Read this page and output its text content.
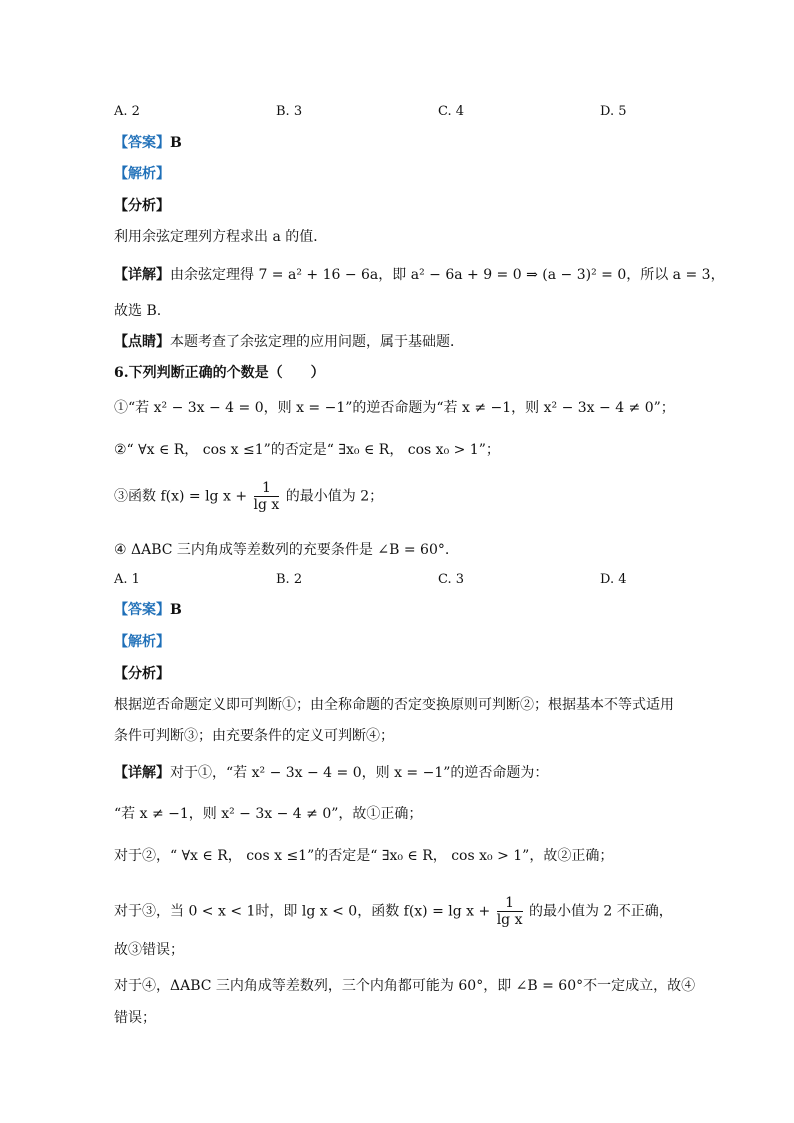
A. 2	B. 3	C. 4	D. 5
【答案】B
【解析】
【分析】
利用余弦定理列方程求出 a 的值．
【详解】由余弦定理得 7 = a² + 16 − 6a，即 a² − 6a + 9 = 0 ⇒ (a − 3)² = 0，所以 a = 3，
故选 B.
【点睛】本题考查了余弦定理的应用问题，属于基础题．
6.下列判断正确的个数是（　　）
①“若 x² − 3x − 4 = 0，则 x = −1”的逆否命题为“若 x ≠ −1，则 x² − 3x − 4 ≠ 0”；
②“ ∀x ∈ R， cos x ≤1”的否定是“ ∃x₀ ∈ R， cos x₀ > 1”；
③函数 $f(x) = \lg x + \frac{1}{\text{lg x}}$ 的最小值为 2；
④ ΔABC 三内角成等差数列的充要条件是 ∠B = 60°.
A. 1	B. 2	C. 3	D. 4
【答案】B
【解析】
【分析】
根据逆否命题定义即可判断①；由全称命题的否定变换原则可判断②；根据基本不等式适用
条件可判断③；由充要条件的定义可判断④；
【详解】对于①，“若 x² − 3x − 4 = 0，则 x = −1”的逆否命题为：
“若 x ≠ −1，则 x² − 3x − 4 ≠ 0”，故①正确；
对于②，“ ∀x ∈ R， cos x ≤1”的否定是“ ∃x₀ ∈ R， cos x₀ > 1”，故②正确；
对于③，当 0 < x < 1时，即 lg x < 0，函数 $f(x) = \lg x + \frac{1}{\text{lg x}}$ 的最小值为 2 不正确，
故③错误；
对于④，ΔABC 三内角成等差数列，三个内角都可能为 60°，即 ∠B = 60°不一定成立，故④
错误；
